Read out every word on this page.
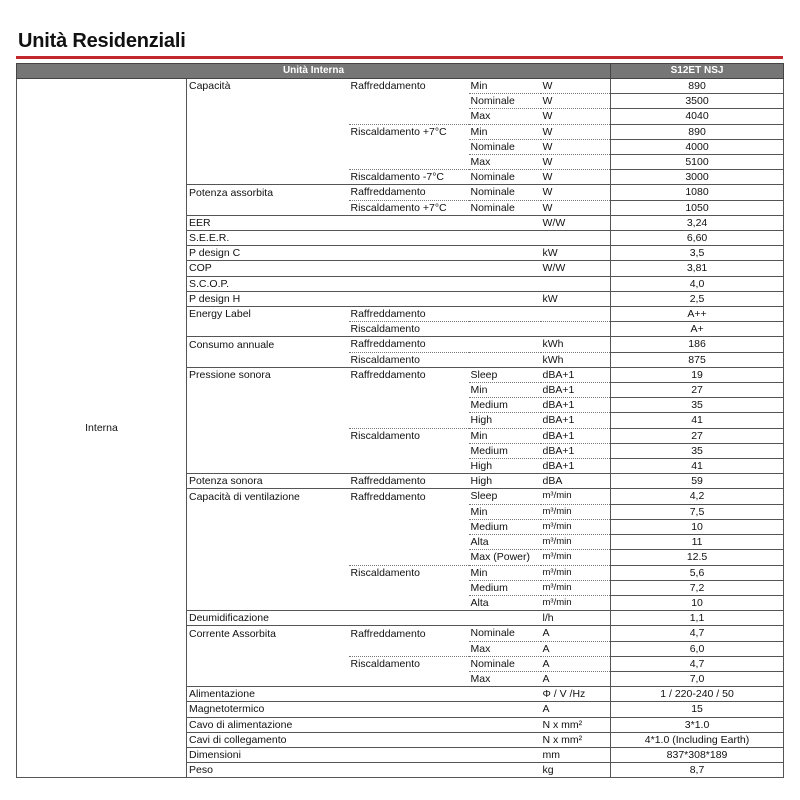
Unità Residenziali
Unità Interna					S12ET NSJ
Interna	Capacità	Raffreddamento	Min	W	890
			Nominale	W	3500
			Max	W	4040
		Riscaldamento +7°C	Min	W	890
			Nominale	W	4000
			Max	W	5100
		Riscaldamento -7°C	Nominale	W	3000
	Potenza assorbita	Raffreddamento	Nominale	W	1080
		Riscaldamento +7°C	Nominale	W	1050
	EER			W/W	3,24
	S.E.E.R.				6,60
	P design C			kW	3,5
	COP			W/W	3,81
	S.C.O.P.				4,0
	P design H			kW	2,5
	Energy Label	Raffreddamento			A++
		Riscaldamento			A+
	Consumo annuale	Raffreddamento		kWh	186
		Riscaldamento		kWh	875
	Pressione sonora	Raffreddamento	Sleep	dBA+1	19
			Min	dBA+1	27
			Medium	dBA+1	35
			High	dBA+1	41
		Riscaldamento	Min	dBA+1	27
			Medium	dBA+1	35
			High	dBA+1	41
	Potenza sonora	Raffreddamento	High	dBA	59
	Capacità di ventilazione	Raffreddamento	Sleep	m³/min	4,2
			Min	m³/min	7,5
			Medium	m³/min	10
			Alta	m³/min	11
			Max (Power)	m³/min	12.5
		Riscaldamento	Min	m³/min	5,6
			Medium	m³/min	7,2
			Alta	m³/min	10
	Deumidificazione			l/h	1,1
	Corrente Assorbita	Raffreddamento	Nominale	A	4,7
			Max	A	6,0
		Riscaldamento	Nominale	A	4,7
			Max	A	7,0
	Alimentazione			Φ / V /Hz	1 / 220-240 / 50
	Magnetotermico			A	15
	Cavo di alimentazione			N x mm²	3*1.0
	Cavi di collegamento			N x mm²	4*1.0 (Including Earth)
	Dimensioni			mm	837*308*189
	Peso			kg	8,7
